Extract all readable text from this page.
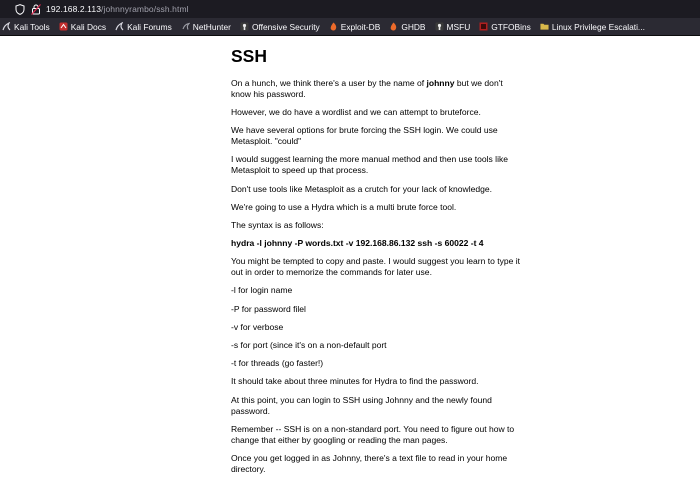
192.168.2.113/johnnyrambo/ssh.html
Kali Tools	Kali Docs	Kali Forums	NetHunter	Offensive Security	Exploit-DB	GHDB	MSFU	GTFOBins	Linux Privilege Escalati...
SSH

On a hunch, we think there's a user by the name of johnny but we don't know his password.

However, we do have a wordlist and we can attempt to bruteforce.

We have several options for brute forcing the SSH login. We could use Metasploit. "could"

I would suggest learning the more manual method and then use tools like Metasploit to speed up that process.

Don't use tools like Metasploit as a crutch for your lack of knowledge.

We're going to use a Hydra which is a multi brute force tool.

The syntax is as follows:

hydra -l johnny -P words.txt -v 192.168.86.132 ssh -s 60022 -t 4

You might be tempted to copy and paste. I would suggest you learn to type it out in order to memorize the commands for later use.

-l for login name

-P for password filel

-v for verbose

-s for port (since it's on a non-default port

-t for threads (go faster!)

It should take about three minutes for Hydra to find the password.

At this point, you can login to SSH using Johnny and the newly found password.

Remember -- SSH is on a non-standard port. You need to figure out how to change that either by googling or reading the man pages.

Once you get logged in as Johnny, there's a text file to read in your home directory.
